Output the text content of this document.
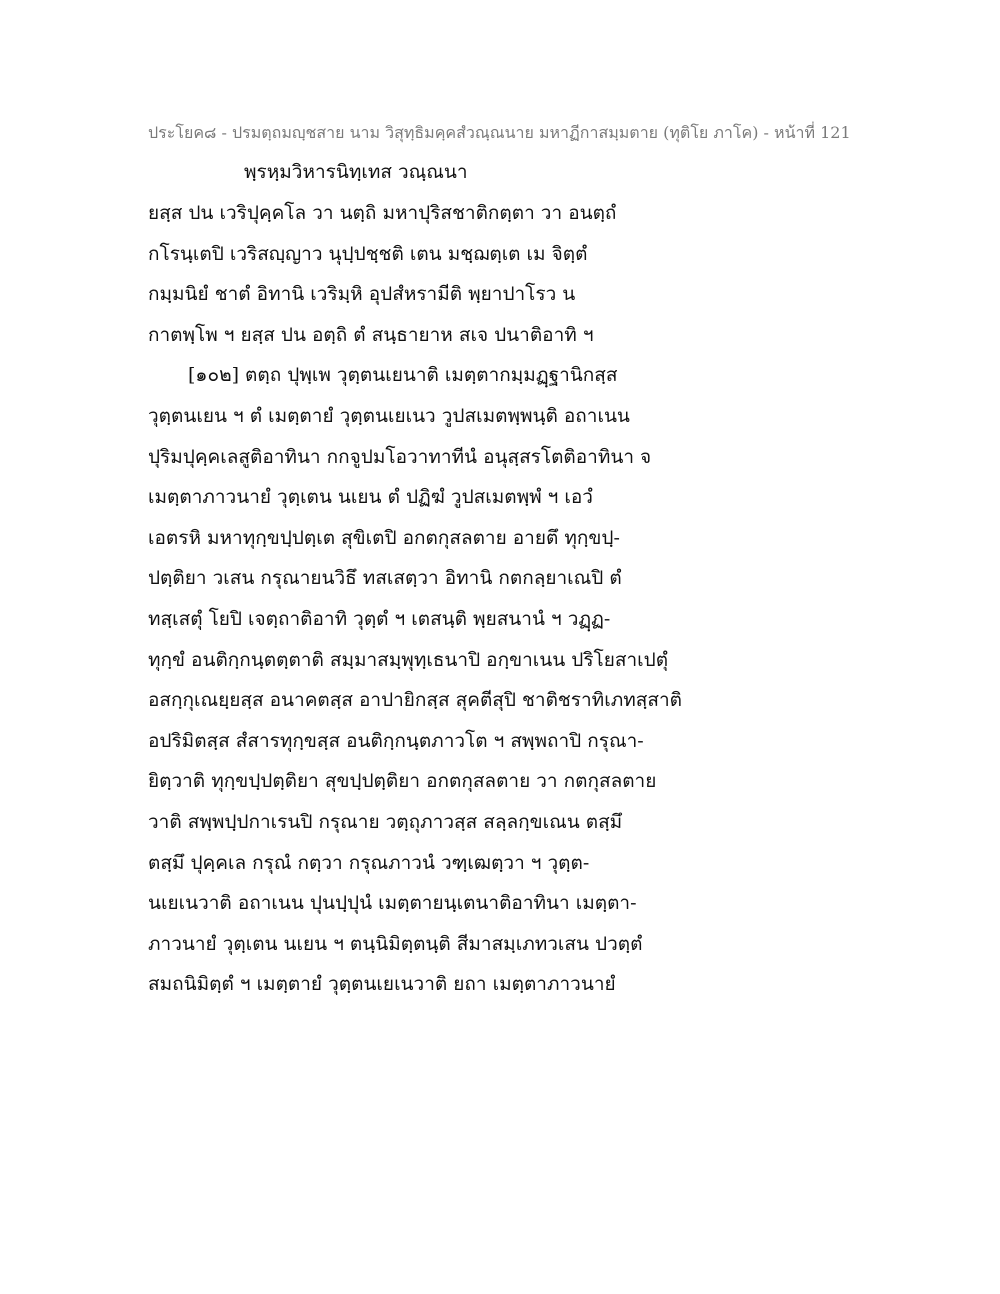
ประโยค๘ - ปรมตฺถมญฺชสาย นาม วิสุทฺธิมคฺคสํวณฺณนาย มหาฏีกาสมฺมตาย (ทุติโย ภาโค) - หน้าที่ 121
พฺรหฺมวิหารนิทฺเทส วณฺณนา
ยสฺส ปน เวริปุคฺคโล วา นตฺถิ มหาปุริสชาติกตฺตา วา อนตฺถํ
กโรนฺเตปิ เวริสญฺญาว นุปฺปชฺชติ เตน มชฺฌตฺเต เม จิตฺตํ
กมฺมนิยํ ชาตํ อิทานิ เวริมฺหิ อุปสํหรามีติ พฺยาปาโรว น
กาตพฺโพ ฯ ยสฺส ปน อตฺถิ ตํ สนฺธายาห สเจ ปนาติอาทิ ฯ
[๑๐๒] ตตฺถ ปุพฺเพ วุตฺตนเยนาติ เมตฺตากมฺมฏฺฐานิกสฺส
วุตฺตนเยน ฯ ตํ เมตฺตายํ วุตฺตนเยเนว วูปสเมตพฺพนฺติ อถาเนน
ปุริมปุคฺคเลสูติอาทินา กกจูปมโอวาทาทีนํ อนุสฺสรโตติอาทินา จ
เมตฺตาภาวนายํ วุตฺเตน นเยน ตํ ปฏิฆํ วูปสเมตพฺพํ ฯ เอวํ
เอตรหิ มหาทุกฺขปฺปตฺเต สุขิเตปิ อกตกุสลตาย อายตึ ทุกฺขปฺ-
ปตฺติยา วเสน กรุณายนวิธึ ทสเสตฺวา อิทานิ กตกลฺยาเณปิ ตํ
ทสฺเสตุํ โยปิ เจตฺถาติอาทิ วุตฺตํ ฯ เตสนฺติ พฺยสนานํ ฯ วฏฺฏ-
ทุกฺขํ อนติกฺกนฺตตฺตาติ สมฺมาสมฺพุทฺเธนาปิ อกฺขาเนน ปริโยสาเปตุํ
อสกฺกุเณยฺยสฺส อนาคตสฺส อาปายิกสฺส สุคตีสุปิ ชาติชราทิเภทสฺสาติ
อปริมิตสฺส สํสารทุกฺขสฺส อนติกฺกนฺตภาวโต ฯ สพฺพถาปิ กรุณา-
ยิตฺวาติ ทุกฺขปฺปตฺติยา สุขปฺปตฺติยา อกตกุสลตาย วา กตกุสลตาย
วาติ สพฺพปฺปกาเรนปิ กรุณาย วตฺถุภาวสฺส สลฺลกฺขเณน ตสฺมึ
ตสฺมึ ปุคฺคเล กรุณํ กตฺวา กรุณภาวนํ วฑฺเฒตฺวา ฯ วุตฺต-
นเยเนวาติ อถาเนน ปุนปฺปุนํ เมตฺตายนฺเตนาติอาทินา เมตฺตา-
ภาวนายํ วุตฺเตน นเยน ฯ ตนฺนิมิตฺตนฺติ สีมาสมฺเภทวเสน ปวตฺตํ
สมถนิมิตฺตํ ฯ เมตฺตายํ วุตฺตนเยเนวาติ ยถา เมตฺตาภาวนายํ
